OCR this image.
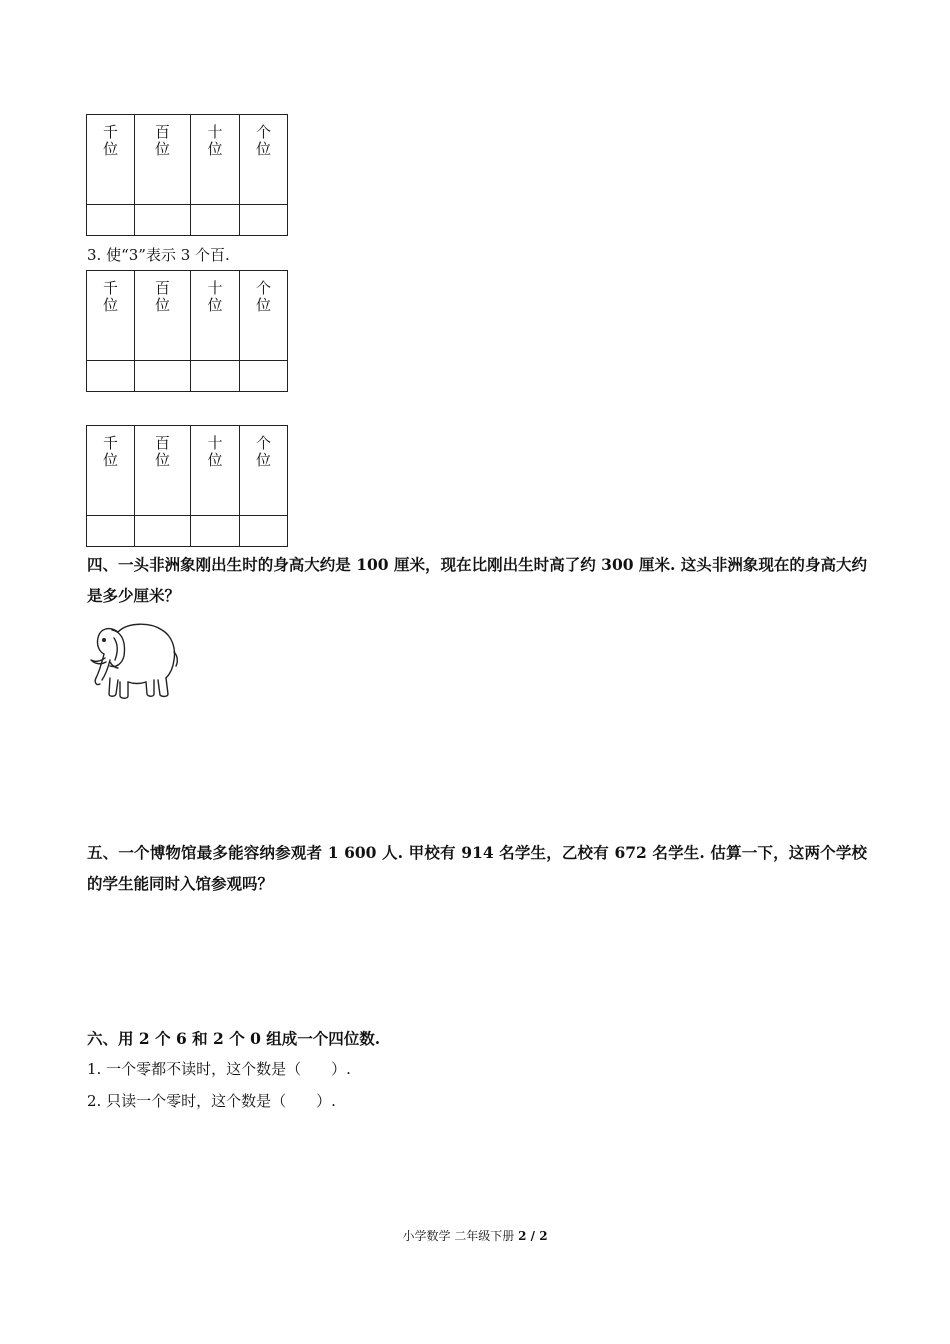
千位	百位	十位	个位

3. 使“3”表示 3 个百.
千位	百位	十位	个位

千位	百位	十位	个位

四、一头非洲象刚出生时的身高大约是 100 厘米，现在比刚出生时高了约 300 厘米. 这头非洲象现在的身高大约是多少厘米？
五、一个博物馆最多能容纳参观者 1 600 人. 甲校有 914 名学生，乙校有 672 名学生. 估算一下，这两个学校的学生能同时入馆参观吗？
六、用 2 个 6 和 2 个 0 组成一个四位数.
1. 一个零都不读时，这个数是（　　）.
2. 只读一个零时，这个数是（　　）.
小学数学 二年级下册 2 / 2
